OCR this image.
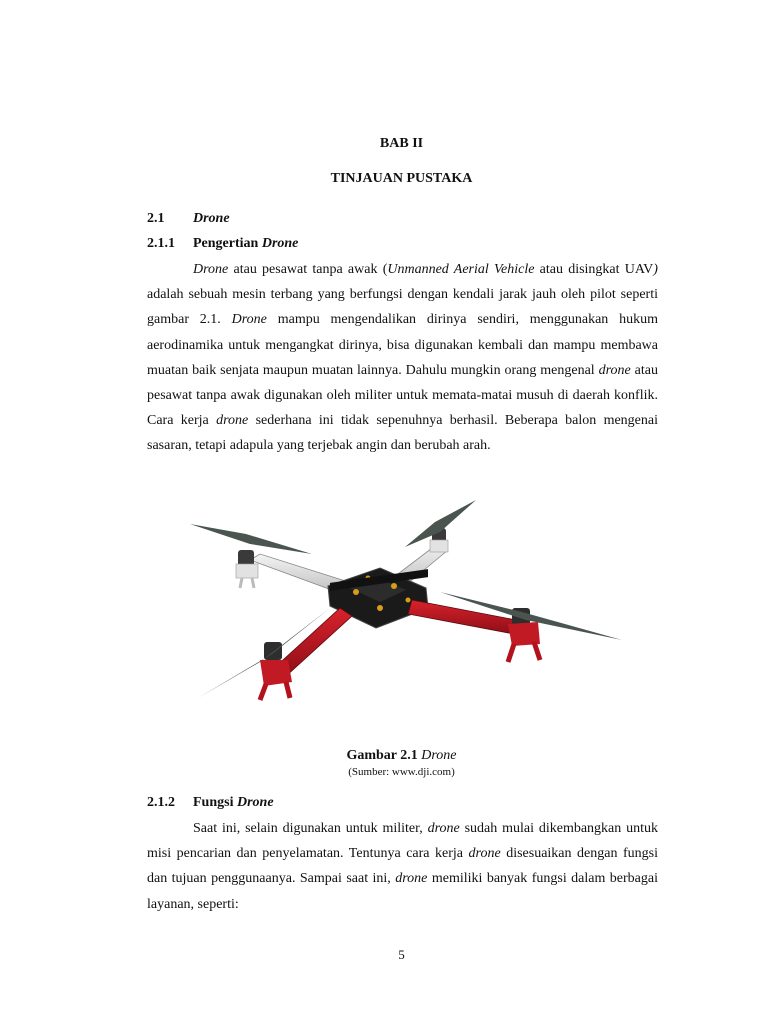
BAB II
TINJAUAN PUSTAKA
2.1 Drone
2.1.1 Pengertian Drone

Drone atau pesawat tanpa awak (Unmanned Aerial Vehicle atau disingkat UAV) adalah sebuah mesin terbang yang berfungsi dengan kendali jarak jauh oleh pilot seperti gambar 2.1. Drone mampu mengendalikan dirinya sendiri, menggunakan hukum aerodinamika untuk mengangkat dirinya, bisa digunakan kembali dan mampu membawa muatan baik senjata maupun muatan lainnya. Dahulu mungkin orang mengenal drone atau pesawat tanpa awak digunakan oleh militer untuk memata-matai musuh di daerah konflik. Cara kerja drone sederhana ini tidak sepenuhnya berhasil. Beberapa balon mengenai sasaran, tetapi adapula yang terjebak angin dan berubah arah.

Gambar 2.1 Drone
(Sumber: www.dji.com)
2.1.2 Fungsi Drone

Saat ini, selain digunakan untuk militer, drone sudah mulai dikembangkan untuk misi pencarian dan penyelamatan. Tentunya cara kerja drone disesuaikan dengan fungsi dan tujuan penggunaanya. Sampai saat ini, drone memiliki banyak fungsi dalam berbagai layanan, seperti:

5
